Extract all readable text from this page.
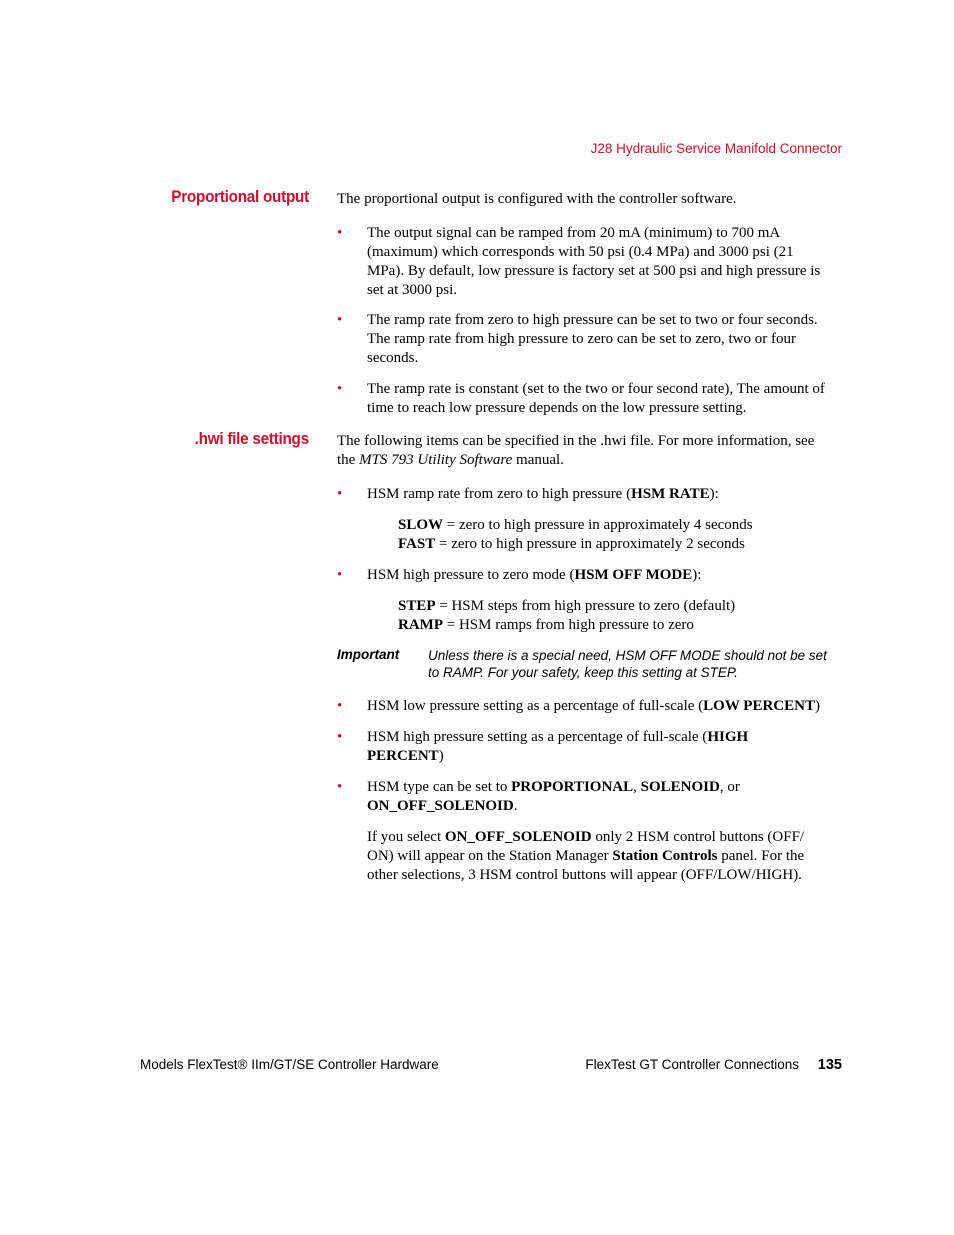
J28 Hydraulic Service Manifold Connector
Proportional output The proportional output is configured with the controller software.
• The output signal can be ramped from 20 mA (minimum) to 700 mA
(maximum) which corresponds with 50 psi (0.4 MPa) and 3000 psi (21
MPa). By default, low pressure is factory set at 500 psi and high pressure is
set at 3000 psi.
• The ramp rate from zero to high pressure can be set to two or four seconds.
The ramp rate from high pressure to zero can be set to zero, two or four
seconds.
• The ramp rate is constant (set to the two or four second rate), The amount of
time to reach low pressure depends on the low pressure setting.
.hwi file settings The following items can be specified in the .hwi file. For more information, see
the MTS 793 Utility Software manual.
• HSM ramp rate from zero to high pressure (HSM RATE):
SLOW = zero to high pressure in approximately 4 seconds
FAST = zero to high pressure in approximately 2 seconds
• HSM high pressure to zero mode (HSM OFF MODE):
STEP = HSM steps from high pressure to zero (default)
RAMP = HSM ramps from high pressure to zero
Important Unless there is a special need, HSM OFF MODE should not be set
to RAMP. For your safety, keep this setting at STEP.
• HSM low pressure setting as a percentage of full-scale (LOW PERCENT)
• HSM high pressure setting as a percentage of full-scale (HIGH
PERCENT)
• HSM type can be set to PROPORTIONAL, SOLENOID, or
ON_OFF_SOLENOID.
If you select ON_OFF_SOLENOID only 2 HSM control buttons (OFF/
ON) will appear on the Station Manager Station Controls panel. For the
other selections, 3 HSM control buttons will appear (OFF/LOW/HIGH).
Models FlexTest® IIm/GT/SE Controller Hardware	FlexTest GT Controller Connections 135
